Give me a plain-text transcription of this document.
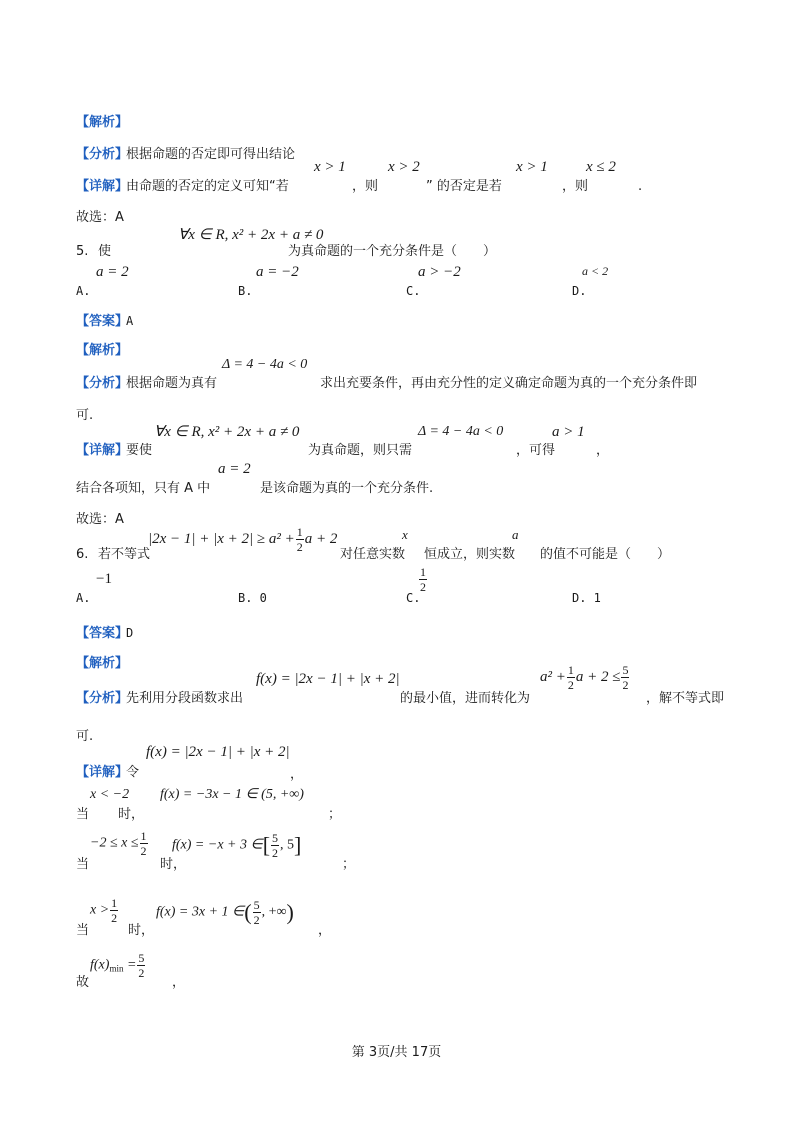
【解析】
【分析】
根据命题的否定即可得出结论
x > 1	x > 2	x > 1	x ≤ 2
【详解】
由命题的否定的定义可知“若	，则	” 的否定是若	，则	.
故选：A
∀x ∈ R, x² + 2x + a ≠ 0
5. 使	为真命题的一个充分条件是（　　）
a = 2	a = −2	a > −2	a < 2
A.	B.	C.	D.
【答案】
A
【解析】
Δ = 4 − 4a < 0
【分析】
根据命题为真有	求出充要条件，再由充分性的定义确定命题为真的一个充分条件即
可.
∀x ∈ R, x² + 2x + a ≠ 0	Δ = 4 − 4a < 0	a > 1
【详解】
要使	为真命题，则只需	，可得	，
a = 2
结合各项知，只有 A 中	是该命题为真的一个充分条件.
故选：A
$|2x - 1| + |x + 2| \ge a^2 + \frac{1}{2}$ a + 2	x	a
6. 若不等式	对任意实数 恒成立，则实数 的值不可能是（　　）
−1	$\frac{1}{2}$
A.	B. 0	C.	D. 1
【答案】
D
【解析】
f(x) = |2x − 1| + |x + 2|	$a^2 + \frac{1}{2}$ $a + 2 \le \frac{5}{2}$
【分析】
先利用分段函数求出	的最小值，进而转化为	，解不等式即
可.
f(x) = |2x − 1| + |x + 2|
【详解】
令	，
x < −2 f(x) = −3x − 1 ∈ (5, +∞)
当 时，	；
$-2 \le x \le \frac{1}{2} f(x) = -x + 3$ ∈[ $\frac{5}{2}$ , 5]
当	时，	；
$x > \frac{1}{2}$	f(x) = 3x + 1 ∈( $\frac{5}{2}$ , +∞)
当	时，	，
$f(x)_{min} = \frac{5}{2}$
故	，
第 3页/共 17页
